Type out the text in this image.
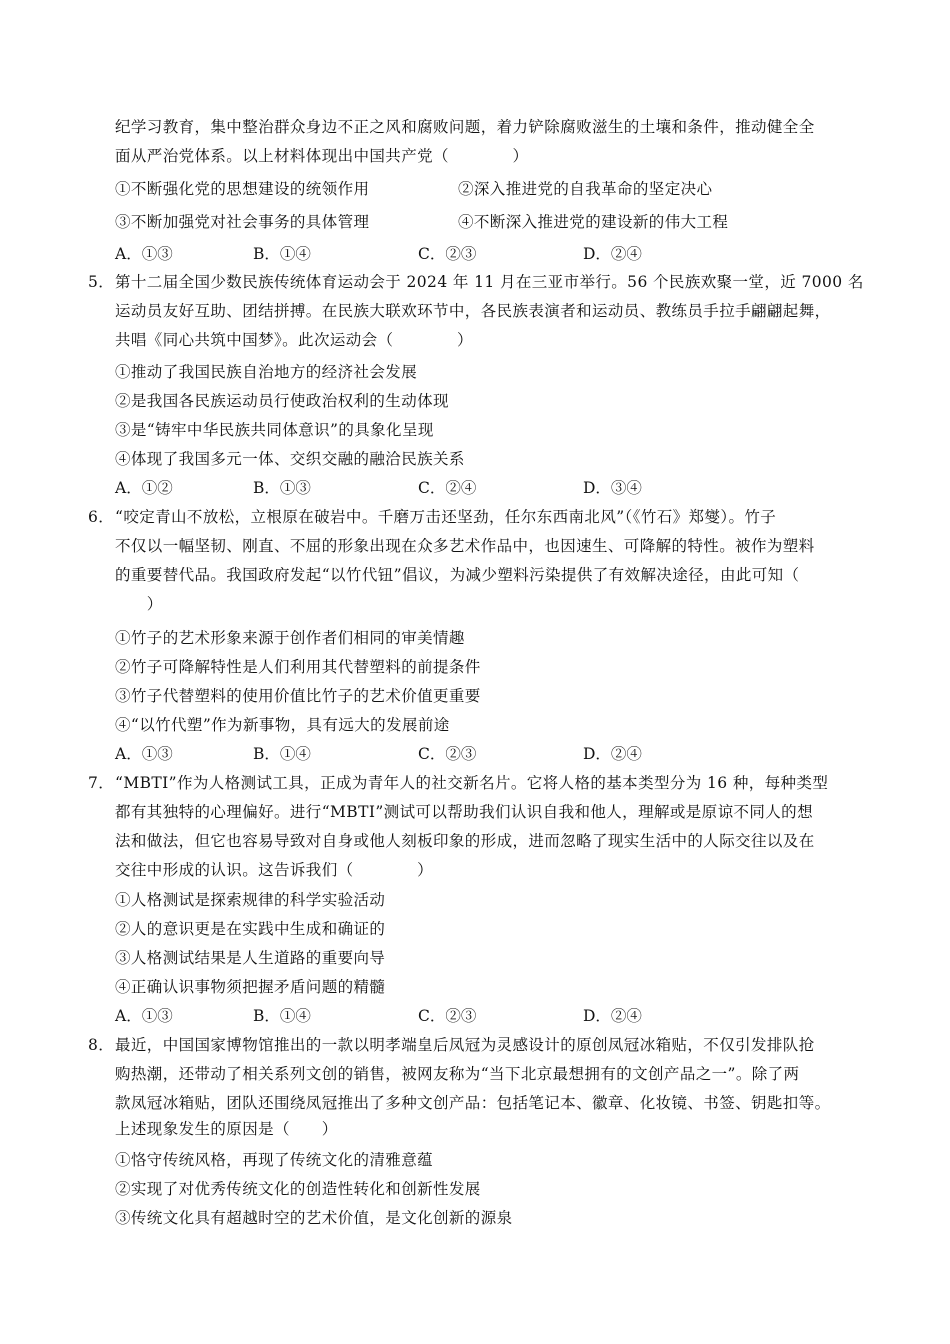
纪学习教育，集中整治群众身边不正之风和腐败问题，着力铲除腐败滋生的土壤和条件，推动健全全
面从严治党体系。以上材料体现出中国共产党（　　　　）
①不断强化党的思想建设的统领作用	②深入推进党的自我革命的坚定决心
③不断加强党对社会事务的具体管理	④不断深入推进党的建设新的伟大工程
A．①③	B．①④	C．②③	D．②④
5． 第十二届全国少数民族传统体育运动会于 2024 年 11 月在三亚市举行。56 个民族欢聚一堂，近 7000 名
运动员友好互助、团结拼搏。在民族大联欢环节中，各民族表演者和运动员、教练员手拉手翩翩起舞，
共唱《同心共筑中国梦》。此次运动会（　　　　）
①推动了我国民族自治地方的经济社会发展
②是我国各民族运动员行使政治权利的生动体现
③是“铸牢中华民族共同体意识”的具象化呈现
④体现了我国多元一体、交织交融的融洽民族关系
A．①②	B．①③	C．②④	D．③④
6． “咬定青山不放松，立根原在破岩中。千磨万击还坚劲，任尔东西南北风”（《竹石》郑燮）。竹子
不仅以一幅坚韧、刚直、不屈的形象出现在众多艺术作品中，也因速生、可降解的特性。被作为塑料
的重要替代品。我国政府发起“以竹代钮”倡议，为减少塑料污染提供了有效解决途径，由此可知（
　　）
①竹子的艺术形象来源于创作者们相同的审美情趣
②竹子可降解特性是人们利用其代替塑料的前提条件
③竹子代替塑料的使用价值比竹子的艺术价值更重要
④“以竹代塑”作为新事物，具有远大的发展前途
A．①③	B．①④	C．②③	D．②④
7． “MBTI”作为人格测试工具，正成为青年人的社交新名片。它将人格的基本类型分为 16 种，每种类型
都有其独特的心理偏好。进行“MBTI”测试可以帮助我们认识自我和他人，理解或是原谅不同人的想
法和做法，但它也容易导致对自身或他人刻板印象的形成，进而忽略了现实生活中的人际交往以及在
交往中形成的认识。这告诉我们（　　　　）
①人格测试是探索规律的科学实验活动
②人的意识更是在实践中生成和确证的
③人格测试结果是人生道路的重要向导
④正确认识事物须把握矛盾问题的精髓
A．①③	B．①④	C．②③	D．②④
8． 最近，中国国家博物馆推出的一款以明孝端皇后凤冠为灵感设计的原创凤冠冰箱贴，不仅引发排队抢
购热潮，还带动了相关系列文创的销售，被网友称为“当下北京最想拥有的文创产品之一”。除了两
款凤冠冰箱贴，团队还围绕凤冠推出了多种文创产品：包括笔记本、徽章、化妆镜、书签、钥匙扣等。
上述现象发生的原因是（　　）
①恪守传统风格，再现了传统文化的清雅意蕴
②实现了对优秀传统文化的创造性转化和创新性发展
③传统文化具有超越时空的艺术价值，是文化创新的源泉
